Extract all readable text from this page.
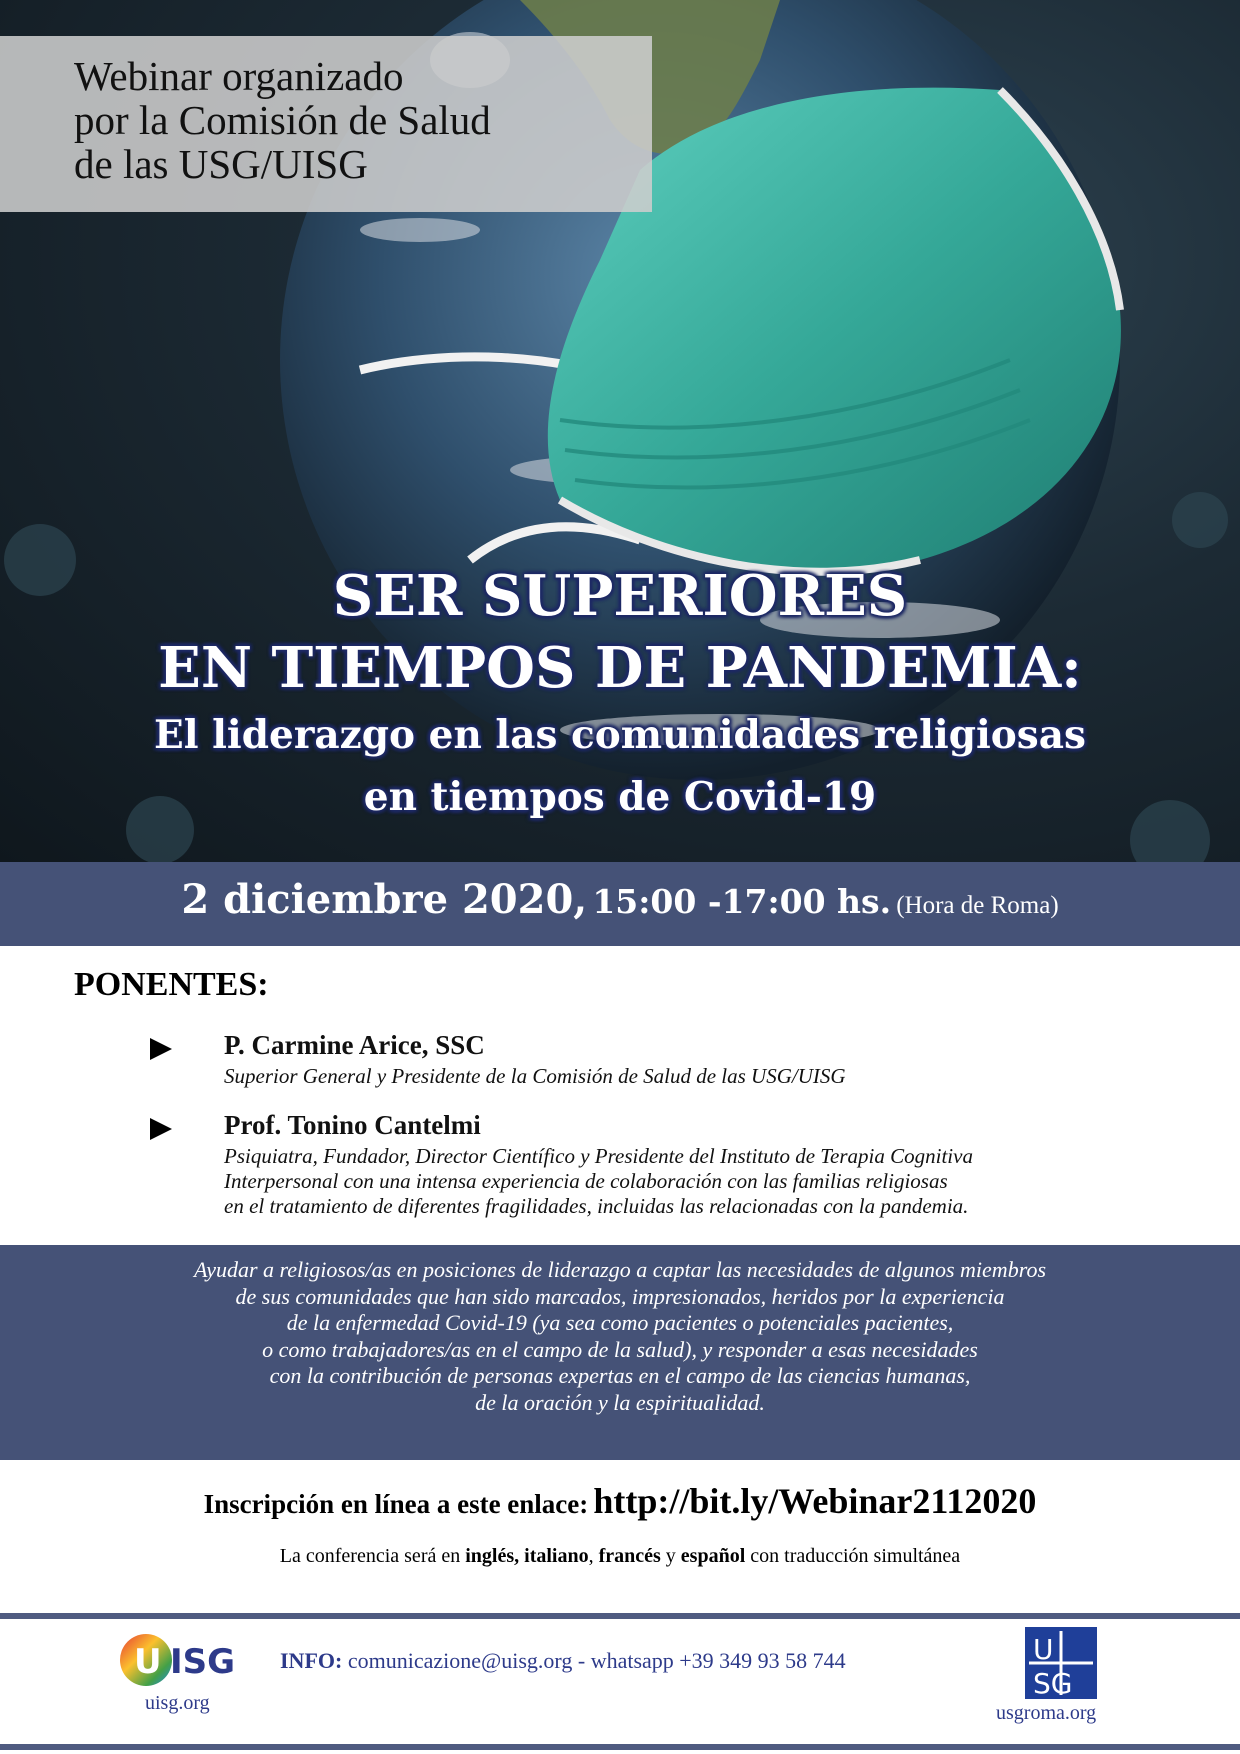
Webinar organizado
por la Comisión de Salud
de las USG/UISG
SER SUPERIORES
EN TIEMPOS DE PANDEMIA:
El liderazgo en las comunidades religiosas
en tiempos de Covid-19
2 diciembre 2020, 15:00 -17:00 hs. (Hora de Roma)
PONENTES:
P. Carmine Arice, SSC
Superior General y Presidente de la Comisión de Salud de las USG/UISG
Prof. Tonino Cantelmi
Psiquiatra, Fundador, Director Científico y Presidente del Instituto de Terapia Cognitiva
Interpersonal con una intensa experiencia de colaboración con las familias religiosas
en el tratamiento de diferentes fragilidades, incluidas las relacionadas con la pandemia.
Ayudar a religiosos/as en posiciones de liderazgo a captar las necesidades de algunos miembros
de sus comunidades que han sido marcados, impresionados, heridos por la experiencia
de la enfermedad Covid-19 (ya sea como pacientes o potenciales pacientes,
o como trabajadores/as en el campo de la salud), y responder a esas necesidades
con la contribución de personas expertas en el campo de las ciencias humanas,
de la oración y la espiritualidad.
Inscripción en línea a este enlace: http://bit.ly/Webinar2112020
La conferencia será en inglés, italiano, francés y español con traducción simultánea
U ISG
uisg.org
INFO: comunicazione@uisg.org - whatsapp +39 349 93 58 744	U
SG
usgroma.org
